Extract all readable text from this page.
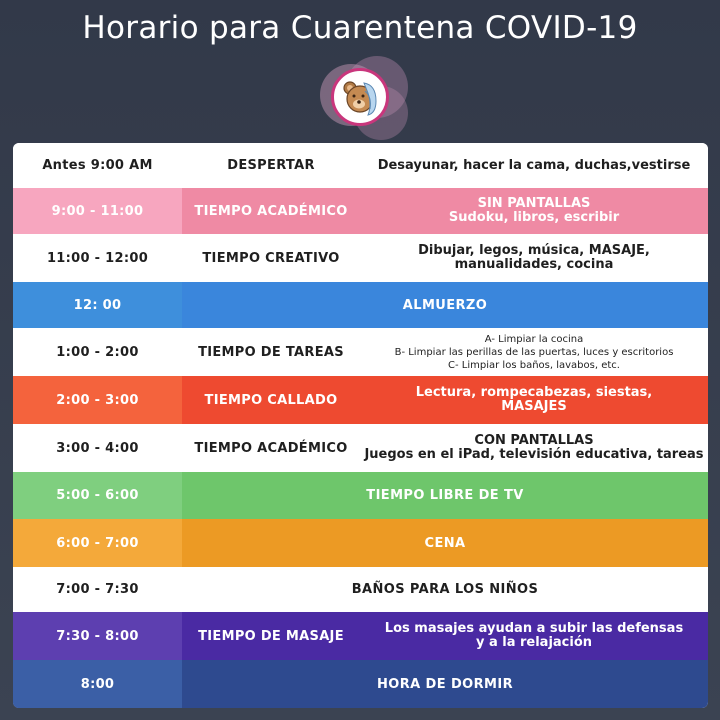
Horario para Cuarentena COVID-19
Antes 9:00 AM	DESPERTAR	Desayunar, hacer la cama, duchas,vestirse
9:00 - 11:00	TIEMPO ACADÉMICO	SIN PANTALLAS
Sudoku, libros, escribir
11:00 - 12:00	TIEMPO CREATIVO	Dibujar, legos, música, MASAJE,
manualidades, cocina
12: 00	ALMUERZO
1:00 - 2:00	TIEMPO DE TAREAS
A- Limpiar la cocina
B- Limpiar las perillas de las puertas, luces y escritorios
C- Limpiar los baños, lavabos, etc.
2:00 - 3:00	TIEMPO CALLADO	Lectura, rompecabezas, siestas,
MASAJES
3:00 - 4:00	TIEMPO ACADÉMICO	CON PANTALLAS
Juegos en el iPad, televisión educativa, tareas
5:00 - 6:00	TIEMPO LIBRE DE TV
6:00 - 7:00	CENA
7:00 - 7:30	BAÑOS PARA LOS NIÑOS
7:30 - 8:00	TIEMPO DE MASAJE	Los masajes ayudan a subir las defensas
y a la relajación
8:00	HORA DE DORMIR
